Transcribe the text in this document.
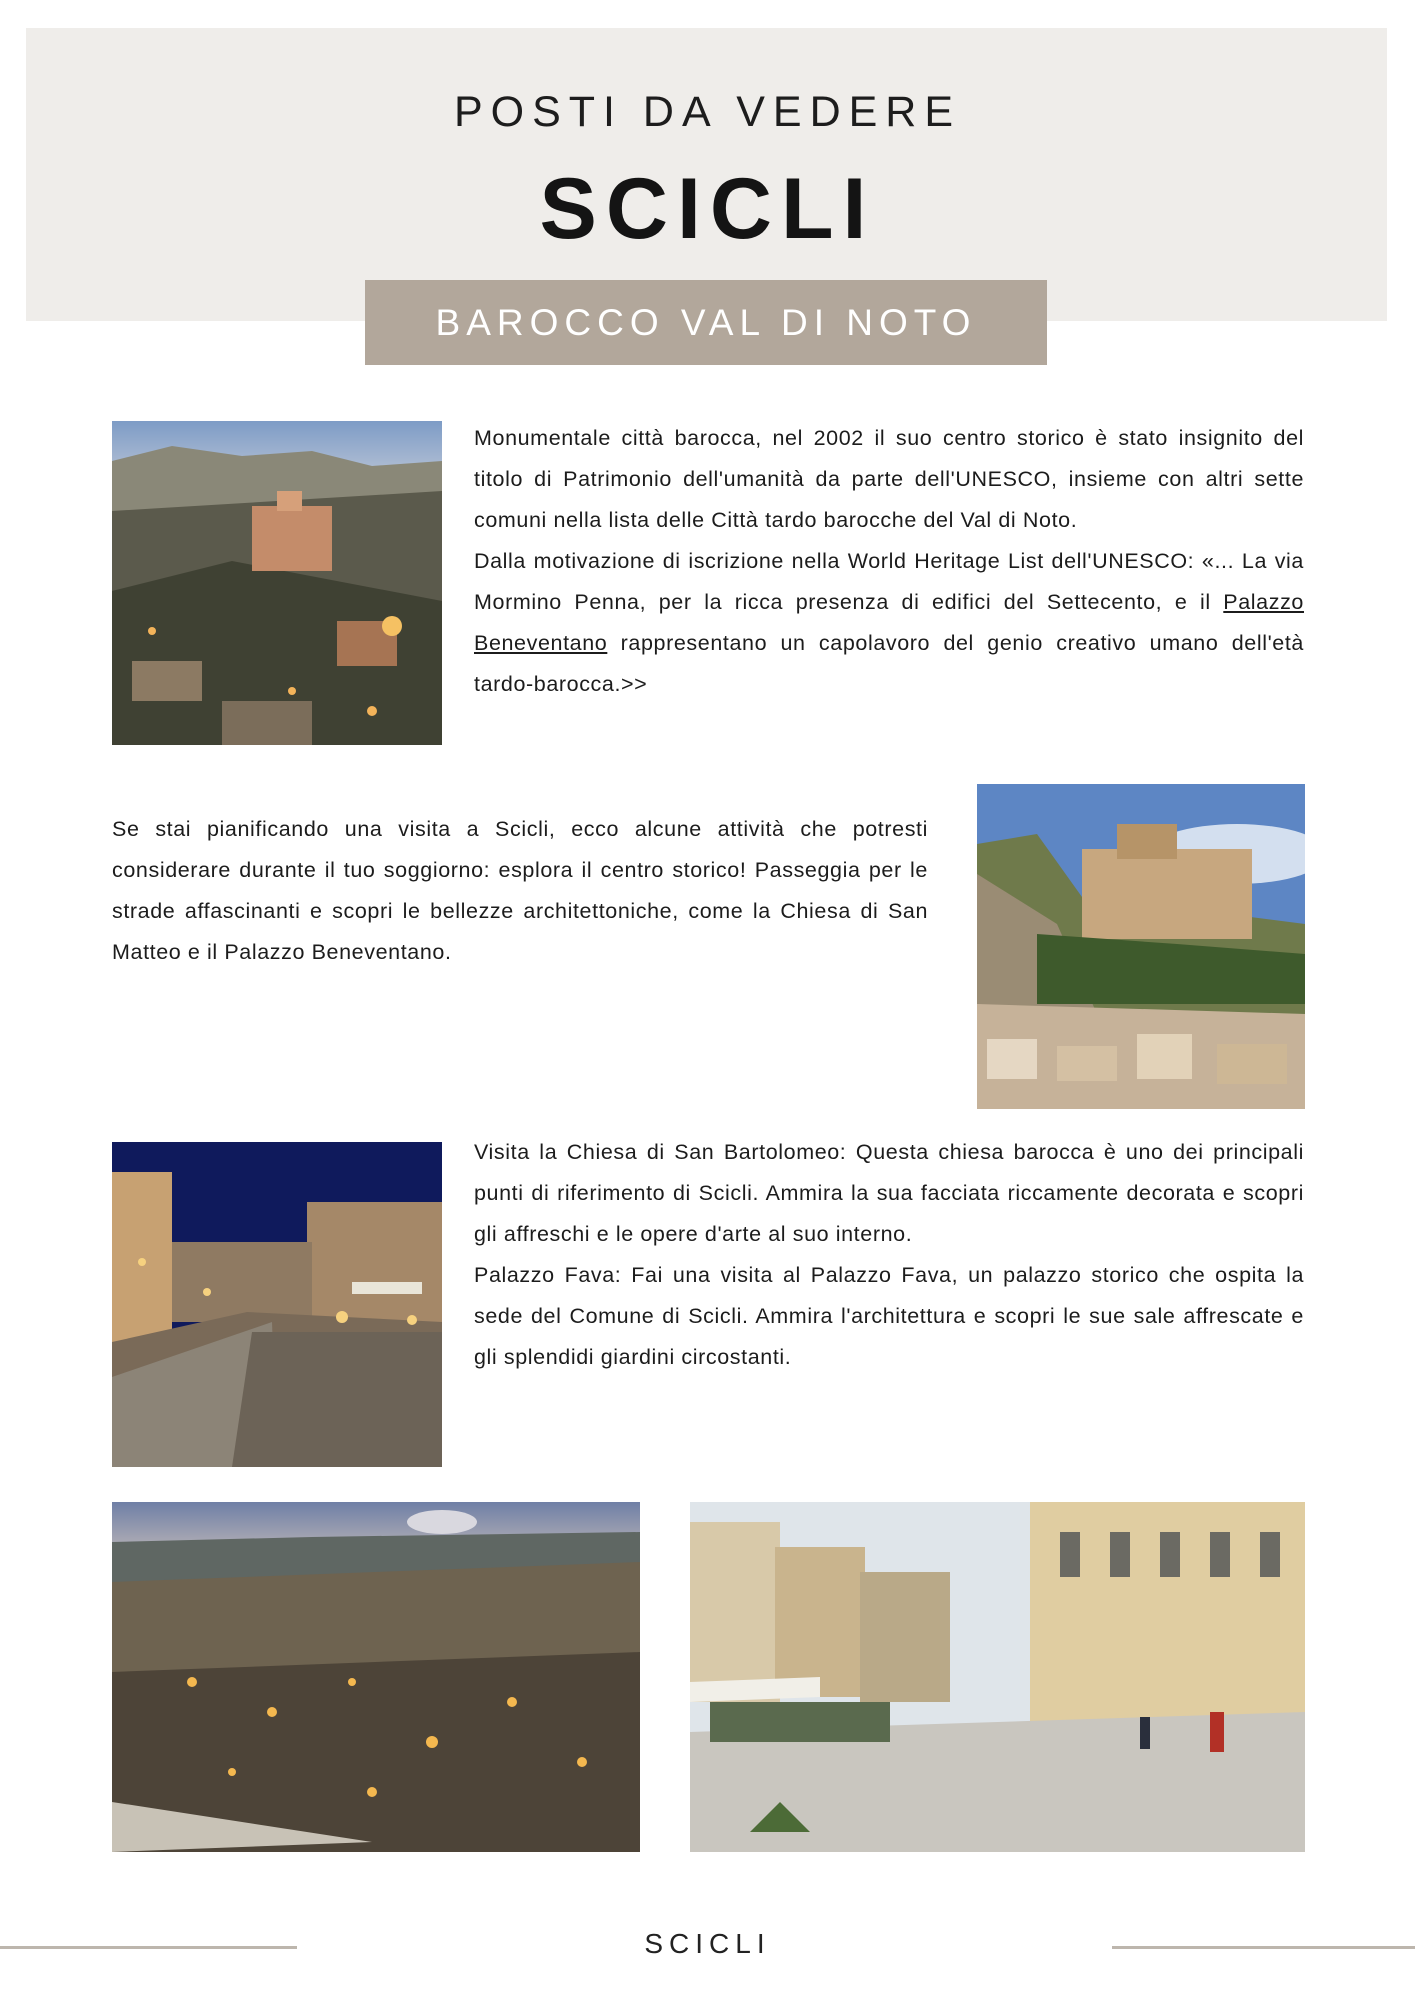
POSTI DA VEDERE
SCICLI
BAROCCO VAL DI NOTO

Monumentale città barocca, nel 2002 il suo centro storico è stato insignito del titolo di Patrimonio dell'umanità da parte dell'UNESCO, insieme con altri sette comuni nella lista delle Città tardo barocche del Val di Noto.

Dalla motivazione di iscrizione nella World Heritage List dell'UNESCO: «... La via Mormino Penna, per la ricca presenza di edifici del Settecento, e il Palazzo Beneventano rappresentano un capolavoro del genio creativo umano dell'età tardo-barocca.>>

Se stai pianificando una visita a Scicli, ecco alcune attività che potresti considerare durante il tuo soggiorno: esplora il centro storico! Passeggia per le strade affascinanti e scopri le bellezze architettoniche, come la Chiesa di San Matteo e il Palazzo Beneventano.

Visita la Chiesa di San Bartolomeo: Questa chiesa barocca è uno dei principali punti di riferimento di Scicli. Ammira la sua facciata riccamente decorata e scopri gli affreschi e le opere d'arte al suo interno.

Palazzo Fava: Fai una visita al Palazzo Fava, un palazzo storico che ospita la sede del Comune di Scicli. Ammira l'architettura e scopri le sue sale affrescate e gli splendidi giardini circostanti.

SCICLI
